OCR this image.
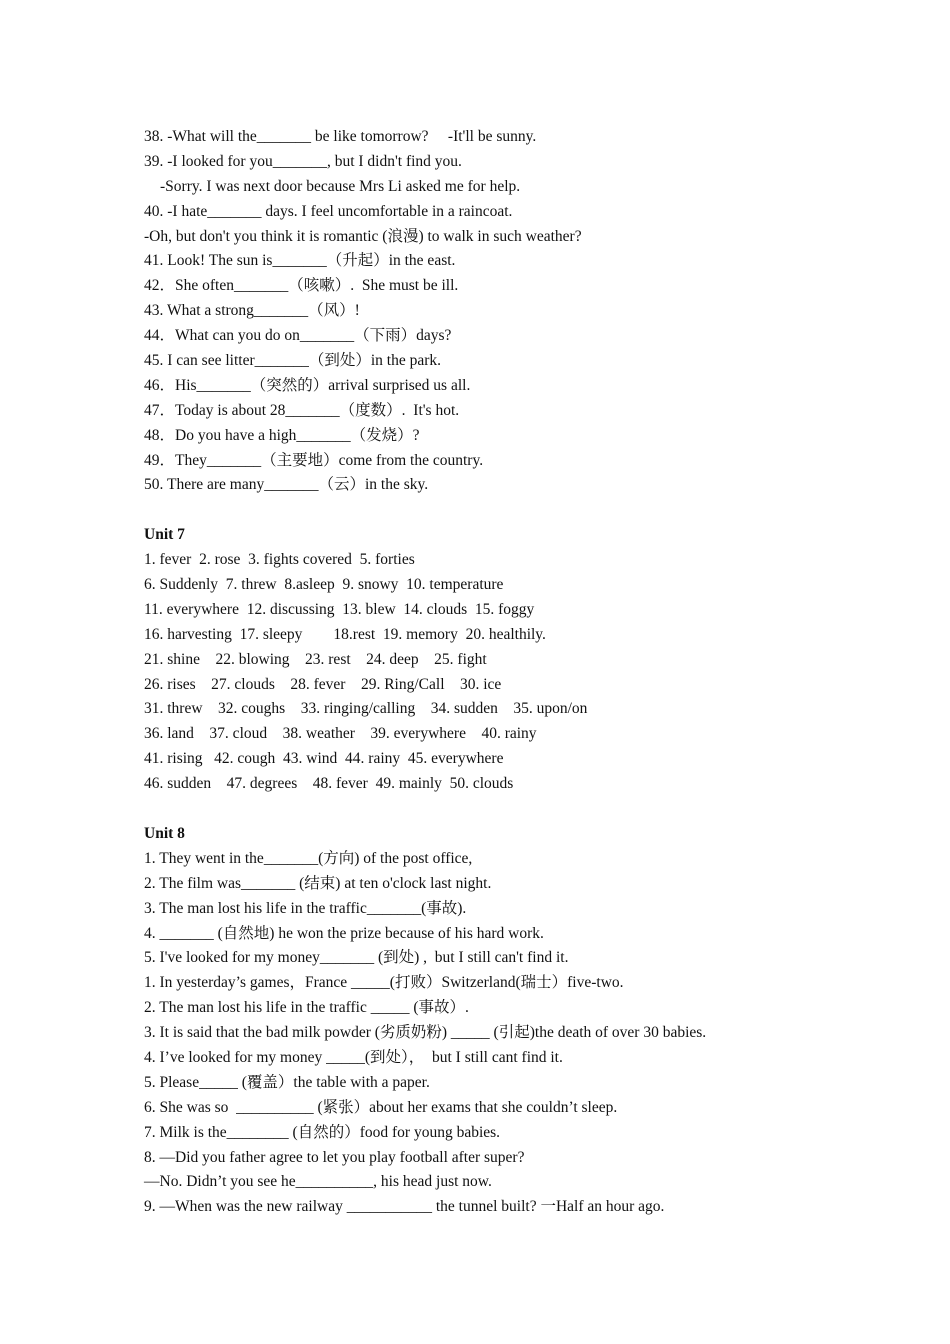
38. -What will the_______ be like tomorrow?     -It'll be sunny.
39. -I looked for you_______, but I didn't find you.
-Sorry. I was next door because Mrs Li asked me for help.
40. -I hate_______ days. I feel uncomfortable in a raincoat.
-Oh, but don't you think it is romantic (浪漫) to walk in such weather?
41. Look! The sun is_______（升起）in the east.
42．She often_______（咳嗽）.  She must be ill.
43. What a strong_______（风）!
44．What can you do on_______（下雨）days?
45. I can see litter_______（到处）in the park.
46．His_______（突然的）arrival surprised us all.
47．Today is about 28_______（度数）.  It's hot.
48．Do you have a high_______（发烧）?
49．They_______（主要地）come from the country.
50. There are many_______（云）in the sky.
Unit 7
1. fever  2. rose  3. fights covered  5. forties
6. Suddenly  7. threw  8.asleep  9. snowy  10. temperature
11. everywhere  12. discussing  13. blew  14. clouds  15. foggy
16. harvesting  17. sleepy        18.rest  19. memory  20. healthily.
21. shine    22. blowing    23. rest    24. deep    25. fight
26. rises    27. clouds    28. fever    29. Ring/Call    30. ice
31. threw    32. coughs    33. ringing/calling    34. sudden    35. upon/on
36. land    37. cloud    38. weather    39. everywhere    40. rainy
41. rising   42. cough  43. wind  44. rainy  45. everywhere
46. sudden    47. degrees    48. fever  49. mainly  50. clouds
Unit 8
1. They went in the_______(方向) of the post office,
2. The film was_______ (结束) at ten o'clock last night.
3. The man lost his life in the traffic_______(事故).
4. _______ (自然地) he won the prize because of his hard work.
5. I've looked for my money_______ (到处) ,  but I still can't find it.
1. In yesterday’s games，France _____(打败）Switzerland(瑞士）five-two.
2. The man lost his life in the traffic _____ (事故）.
3. It is said that the bad milk powder (劣质奶粉) _____ (引起)the death of over 30 babies.
4. I’ve looked for my money _____(到处），  but I still cant find it.
5. Please_____ (覆盖）the table with a paper.
6. She was so  __________ (紧张）about her exams that she couldn’t sleep.
7. Milk is the________ (自然的）food for young babies.
8. —Did you father agree to let you play football after super?
—No. Didn’t you see he__________, his head just now.
9. —When was the new railway ___________ the tunnel built? 一Half an hour ago.
